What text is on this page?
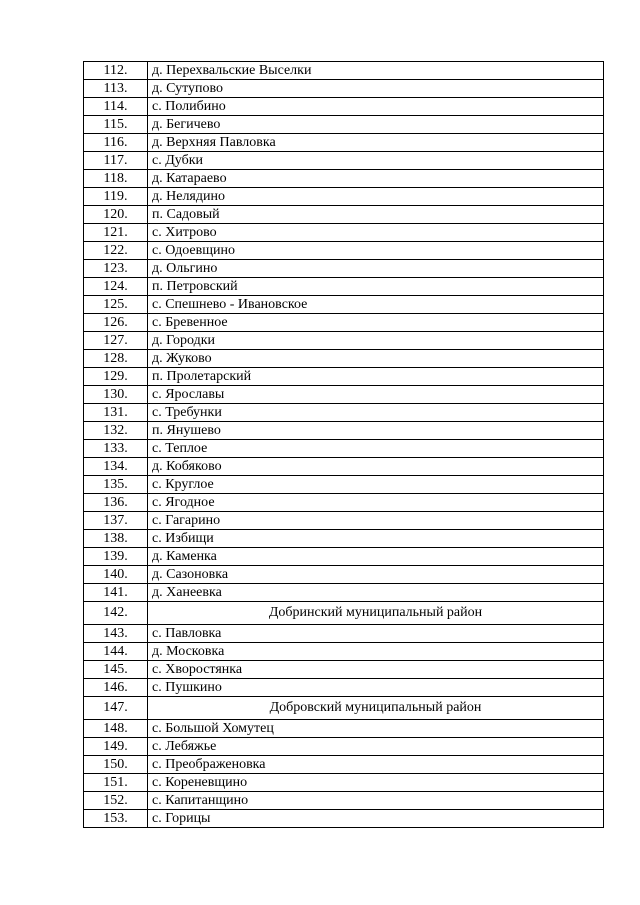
112.	д. Перехвальские Выселки
113.	д. Сутупово
114.	с. Полибино
115.	д. Бегичево
116.	д. Верхняя Павловка
117.	с. Дубки
118.	д. Катараево
119.	д. Нелядино
120.	п. Садовый
121.	с. Хитрово
122.	с. Одоевщино
123.	д. Ольгино
124.	п. Петровский
125.	с. Спешнево - Ивановское
126.	с. Бревенное
127.	д. Городки
128.	д. Жуково
129.	п. Пролетарский
130.	с. Ярославы
131.	с. Требунки
132.	п. Янушево
133.	с. Теплое
134.	д. Кобяково
135.	с. Круглое
136.	с. Ягодное
137.	с. Гагарино
138.	с. Избищи
139.	д. Каменка
140.	д. Сазоновка
141.	д. Ханеевка
142.	Добринский муниципальный район
143.	с. Павловка
144.	д. Московка
145.	с. Хворостянка
146.	с. Пушкино
147.	Добровский муниципальный район
148.	с. Большой Хомутец
149.	с. Лебяжье
150.	с. Преображеновка
151.	с. Кореневщино
152.	с. Капитанщино
153.	с. Горицы
